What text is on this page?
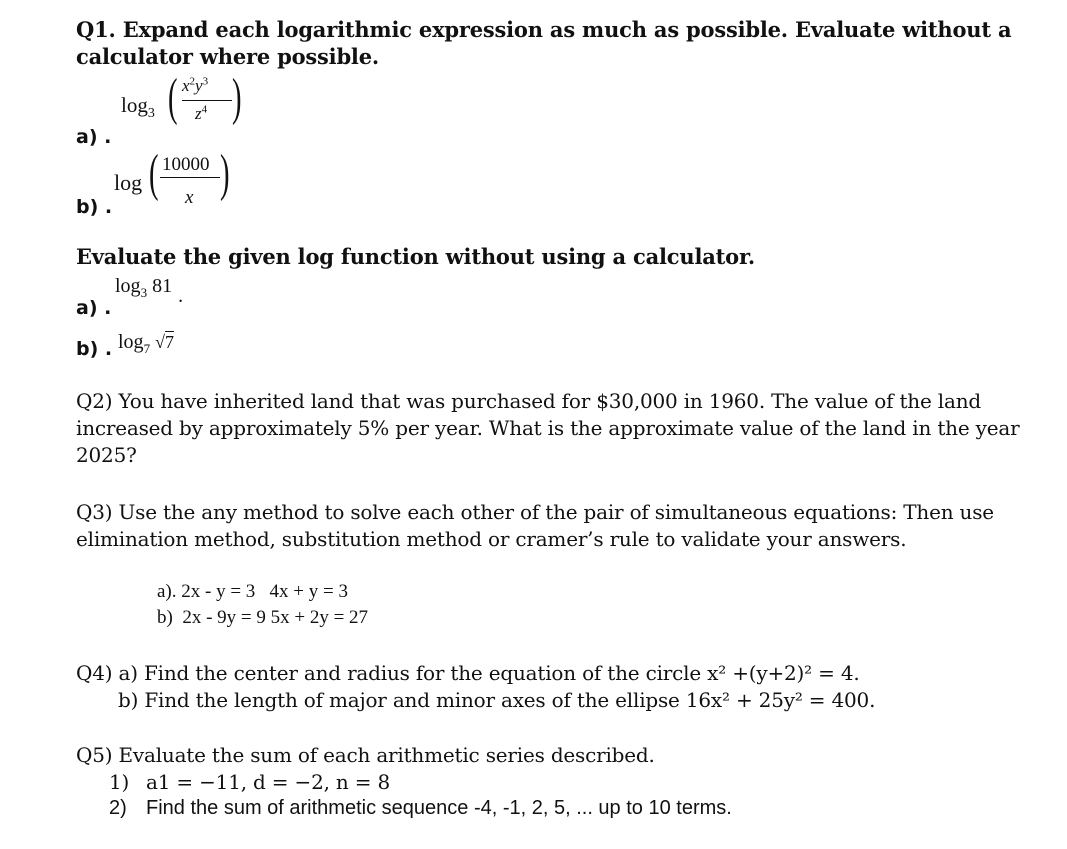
Q1. Expand each logarithmic expression as much as possible. Evaluate without a
calculator where possible.
$\log_3$ ( $x^2y^3$
$z^4$ )
a) .
log ( 10000
x )
b) .
Evaluate the given log function without using a calculator.
$\log_3 81$ .
a) .
b) . $\log_7 √7$
Q2) You have inherited land that was purchased for $30,000 in 1960. The value of the land
increased by approximately 5% per year. What is the approximate value of the land in the year
2025?
Q3) Use the any method to solve each other of the pair of simultaneous equations: Then use
elimination method, substitution method or cramer’s rule to validate your answers.
a). 2x - y = 3   4x + y = 3
b)  2x - 9y = 9 5x + 2y = 27
Q4) a) Find the center and radius for the equation of the circle x² +(y+2)² = 4.
b) Find the length of major and minor axes of the ellipse 16x² + 25y² = 400.
Q5) Evaluate the sum of each arithmetic series described.
1) a1 = −11, d = −2, n = 8
2) Find the sum of arithmetic sequence -4, -1, 2, 5, ... up to 10 terms.
